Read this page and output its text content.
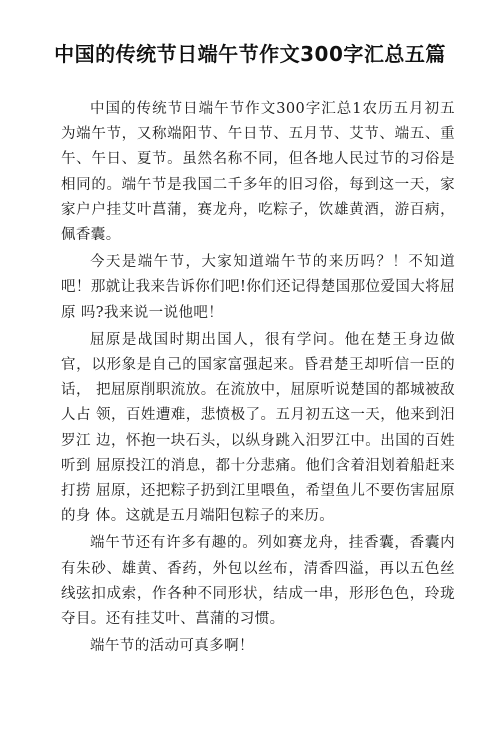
中国的传统节日端午节作文300字汇总五篇

中国的传统节日端午节作文300字汇总1农历五月初五 为端午节，又称端阳节、午日节、五月节、艾节、端五、重 午、午日、夏节。虽然名称不同，但各地人民过节的习俗是 相同的。端午节是我国二千多年的旧习俗，每到这一天，家 家户户挂艾叶菖蒲，赛龙舟，吃粽子，饮雄黄酒，游百病， 佩香囊。

今天是端午节，大家知道端午节的来历吗？！不知道吧！那就让我来告诉你们吧!你们还记得楚国那位爱国大将屈原 吗?我来说一说他吧！

屈原是战国时期出国人，很有学问。他在楚王身边做官，以形象是自己的国家富强起来。昏君楚王却听信一臣的话， 把屈原削职流放。在流放中，屈原听说楚国的都城被敌人占 领，百姓遭难，悲愤极了。五月初五这一天，他来到汨罗江 边，怀抱一块石头，以纵身跳入汨罗江中。出国的百姓听到 屈原投江的消息，都十分悲痛。他们含着泪划着船赶来打捞 屈原，还把粽子扔到江里喂鱼，希望鱼儿不要伤害屈原的身 体。这就是五月端阳包粽子的来历。

端午节还有许多有趣的。列如赛龙舟，挂香囊，香囊内 有朱砂、雄黄、香药，外包以丝布，清香四溢，再以五色丝 线弦扣成索，作各种不同形状，结成一串，形形色色，玲珑 夺目。还有挂艾叶、菖蒲的习惯。

端午节的活动可真多啊！
